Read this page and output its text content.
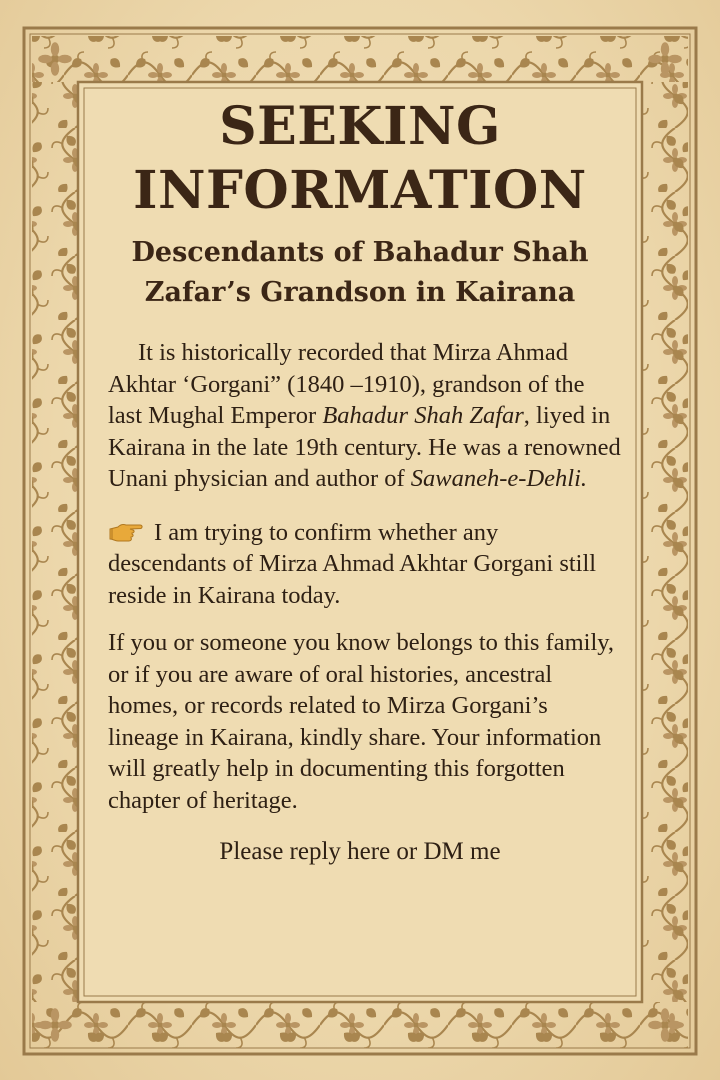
SEEKING
INFORMATION
Descendants of Bahadur Shah
Zafar’s Grandson in Kairana

It is historically recorded that Mirza Ahmad Akhtar ‘Gorgani” (1840 –1910), grandson of the last Mughal Emperor Bahadur Shah Zafar, liyed in Kairana in the late 19th century. He was a renowned Unani physician and author of Sawaneh-e-Dehli.

I am trying to confirm whether any descendants of Mirza Ahmad Akhtar Gorgani still reside in Kairana today.

If you or someone you know belongs to this family, or if you are aware of oral histories, ancestral homes, or records related to Mirza Gorgani’s lineage in Kairana, kindly share. Your information will greatly help in documenting this forgotten chapter of heritage.

Please reply here or DM me
